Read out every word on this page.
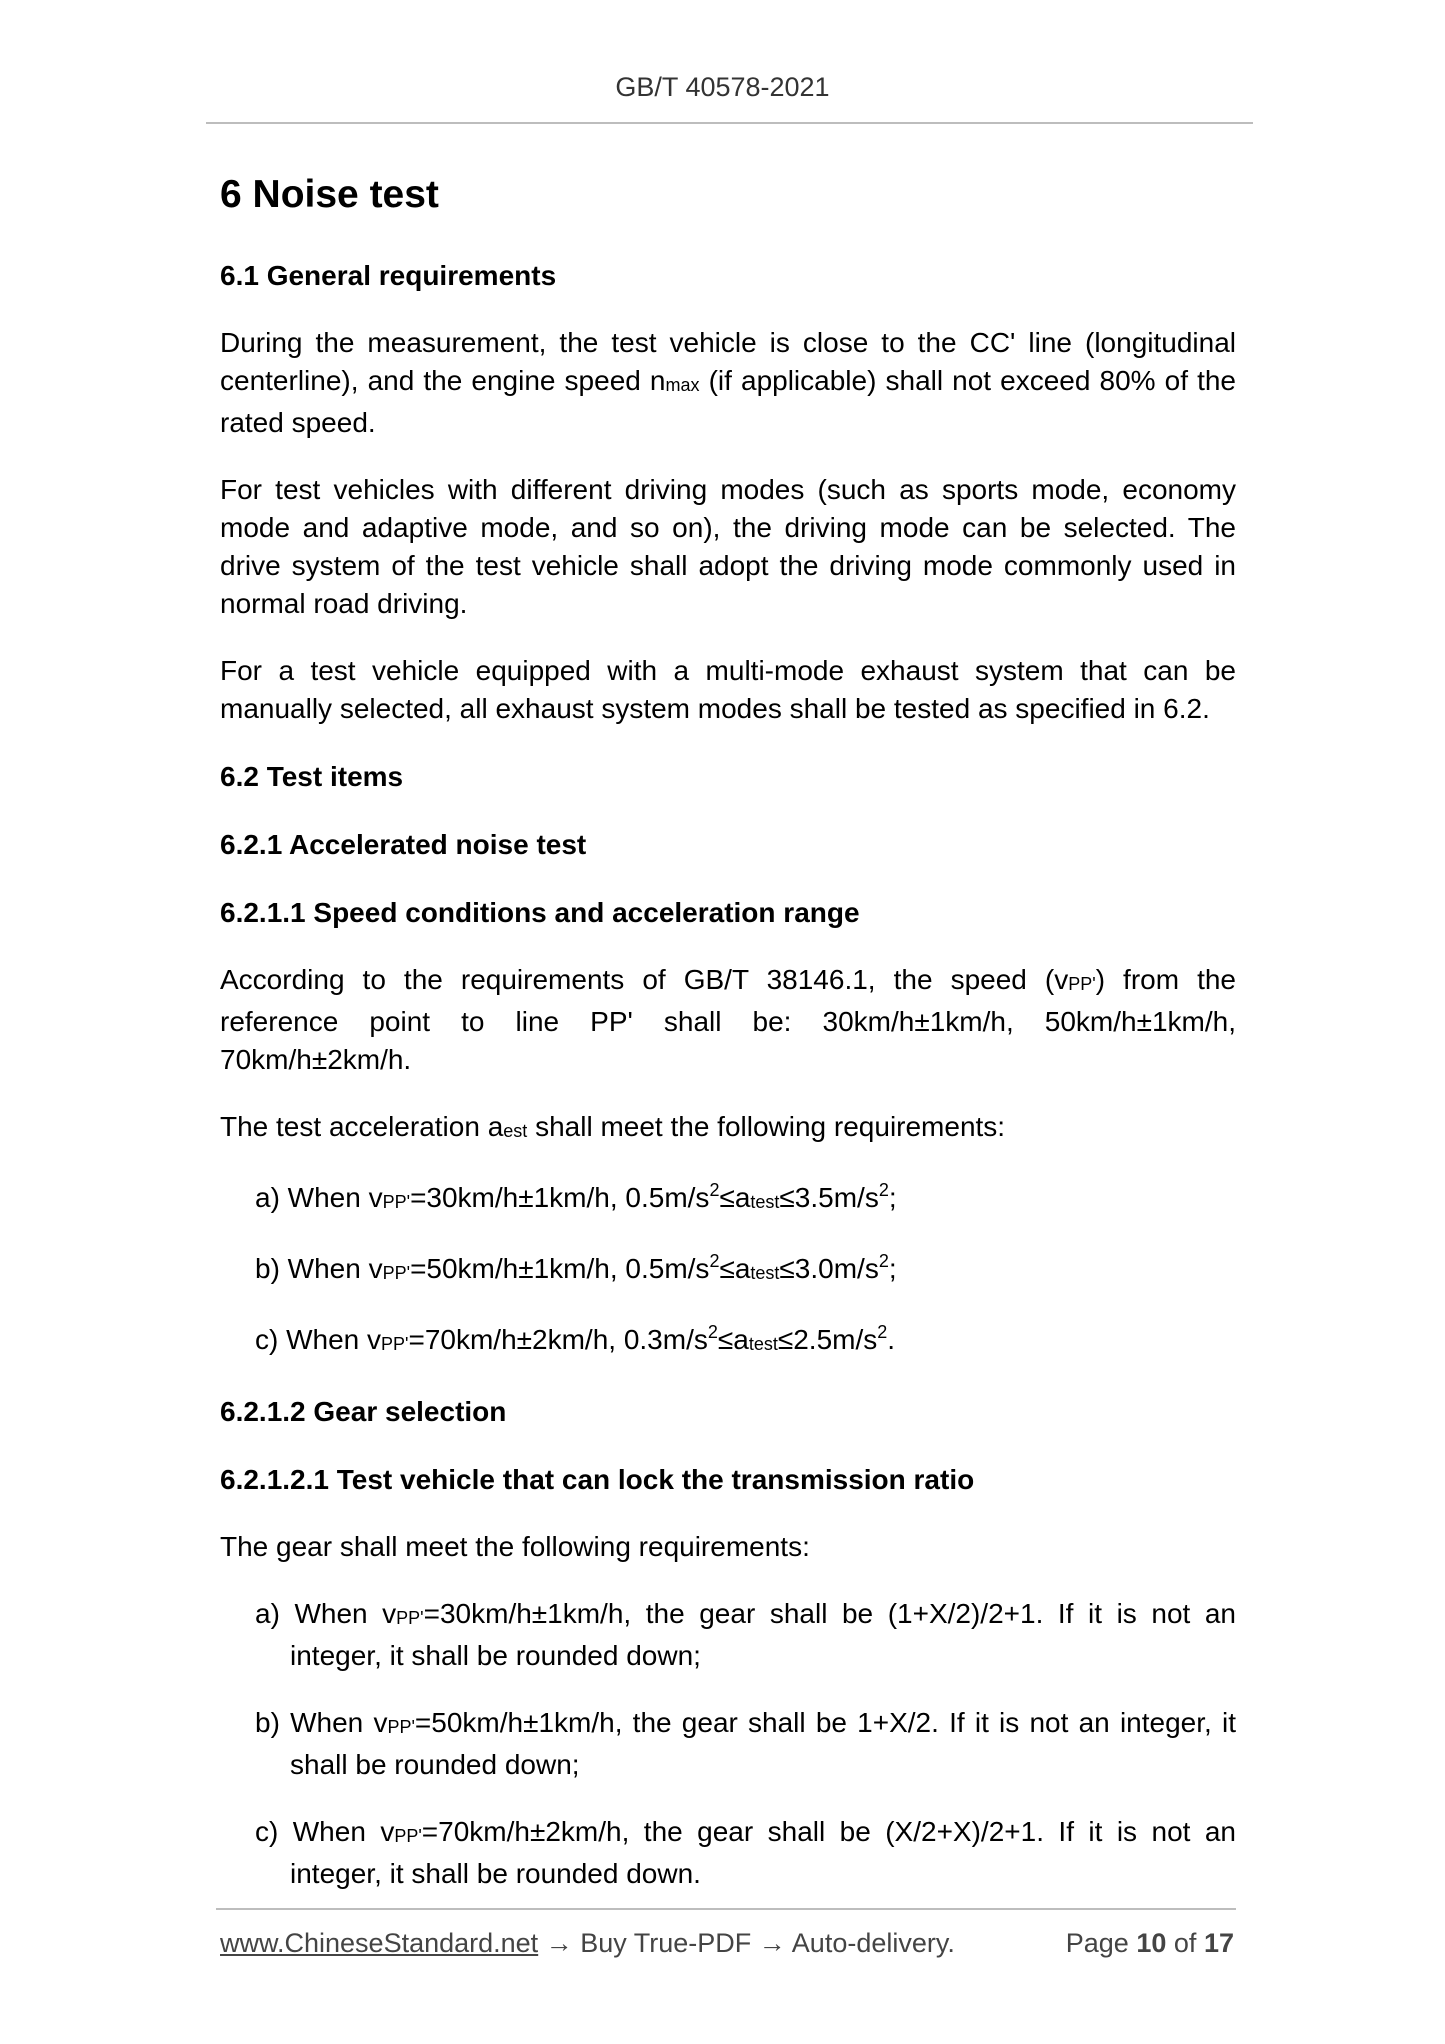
GB/T 40578-2021
6 Noise test
6.1 General requirements

During the measurement, the test vehicle is close to the CC' line (longitudinal centerline), and the engine speed $n_{max}$ (if applicable) shall not exceed 80% of the rated speed.

For test vehicles with different driving modes (such as sports mode, economy mode and adaptive mode, and so on), the driving mode can be selected. The drive system of the test vehicle shall adopt the driving mode commonly used in normal road driving.

For a test vehicle equipped with a multi-mode exhaust system that can be manually selected, all exhaust system modes shall be tested as specified in 6.2.

6.2 Test items
6.2.1 Accelerated noise test
6.2.1.1 Speed conditions and acceleration range

According to the requirements of GB/T 38146.1, the speed $(v_{PP'})$ from the reference point to line PP' shall be: 30km/h±1km/h, 50km/h±1km/h, 70km/h±2km/h.

The test acceleration $a_{est}$ shall meet the following requirements:

a) When $v_{PP'}=30km/h\pm 1km/h$, $0.5m/s^2\le a_{test}\le 3.5m/s^2$;

b) When $v_{PP'}=50km/h\pm 1km/h$, $0.5m/s^2\le a_{test}\le 3.0m/s^2$;

c) When $v_{PP'}=70km/h\pm 2km/h$, $0.3m/s^2\le a_{test}\le 2.5m/s^2$.

6.2.1.2 Gear selection
6.2.1.2.1 Test vehicle that can lock the transmission ratio

The gear shall meet the following requirements:

a) When $v_{PP'}=30km/h\pm 1km/h$, the gear shall be (1+X/2)/2+1. If it is not an integer, it shall be rounded down;

b) When $v_{PP'}=50km/h\pm 1km/h$, the gear shall be 1+X/2. If it is not an integer, it shall be rounded down;

c) When $v_{PP'}=70km/h\pm 2km/h$, the gear shall be (X/2+X)/2+1. If it is not an integer, it shall be rounded down.

www.ChineseStandard.net → Buy True-PDF → Auto-delivery.	Page 10 of 17
